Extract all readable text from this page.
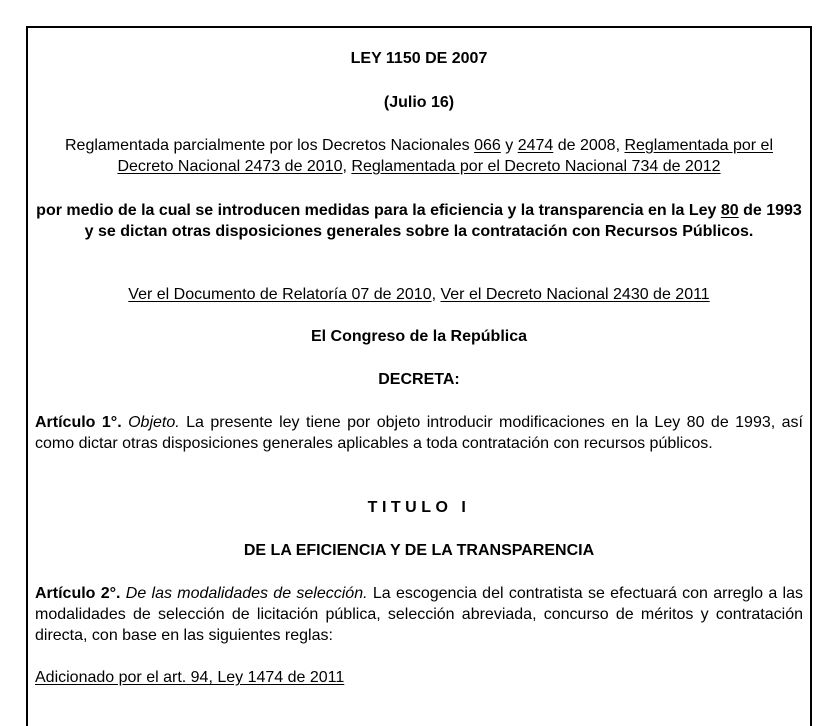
LEY 1150 DE 2007

(Julio 16)

Reglamentada parcialmente por los Decretos Nacionales 066 y 2474 de 2008, Reglamentada por el Decreto Nacional 2473 de 2010, Reglamentada por el Decreto Nacional 734 de 2012

por medio de la cual se introducen medidas para la eficiencia y la transparencia en la Ley 80 de 1993 y se dictan otras disposiciones generales sobre la contratación con Recursos Públicos.

Ver el Documento de Relatoría 07 de 2010, Ver el Decreto Nacional 2430 de 2011

El Congreso de la República

DECRETA:

Artículo 1°. Objeto. La presente ley tiene por objeto introducir modificaciones en la Ley 80 de 1993, así como dictar otras disposiciones generales aplicables a toda contratación con recursos públicos.

TITULO I

DE LA EFICIENCIA Y DE LA TRANSPARENCIA

Artículo 2°. De las modalidades de selección. La escogencia del contratista se efectuará con arreglo a las modalidades de selección de licitación pública, selección abreviada, concurso de méritos y contratación directa, con base en las siguientes reglas:

Adicionado por el art. 94, Ley 1474 de 2011
